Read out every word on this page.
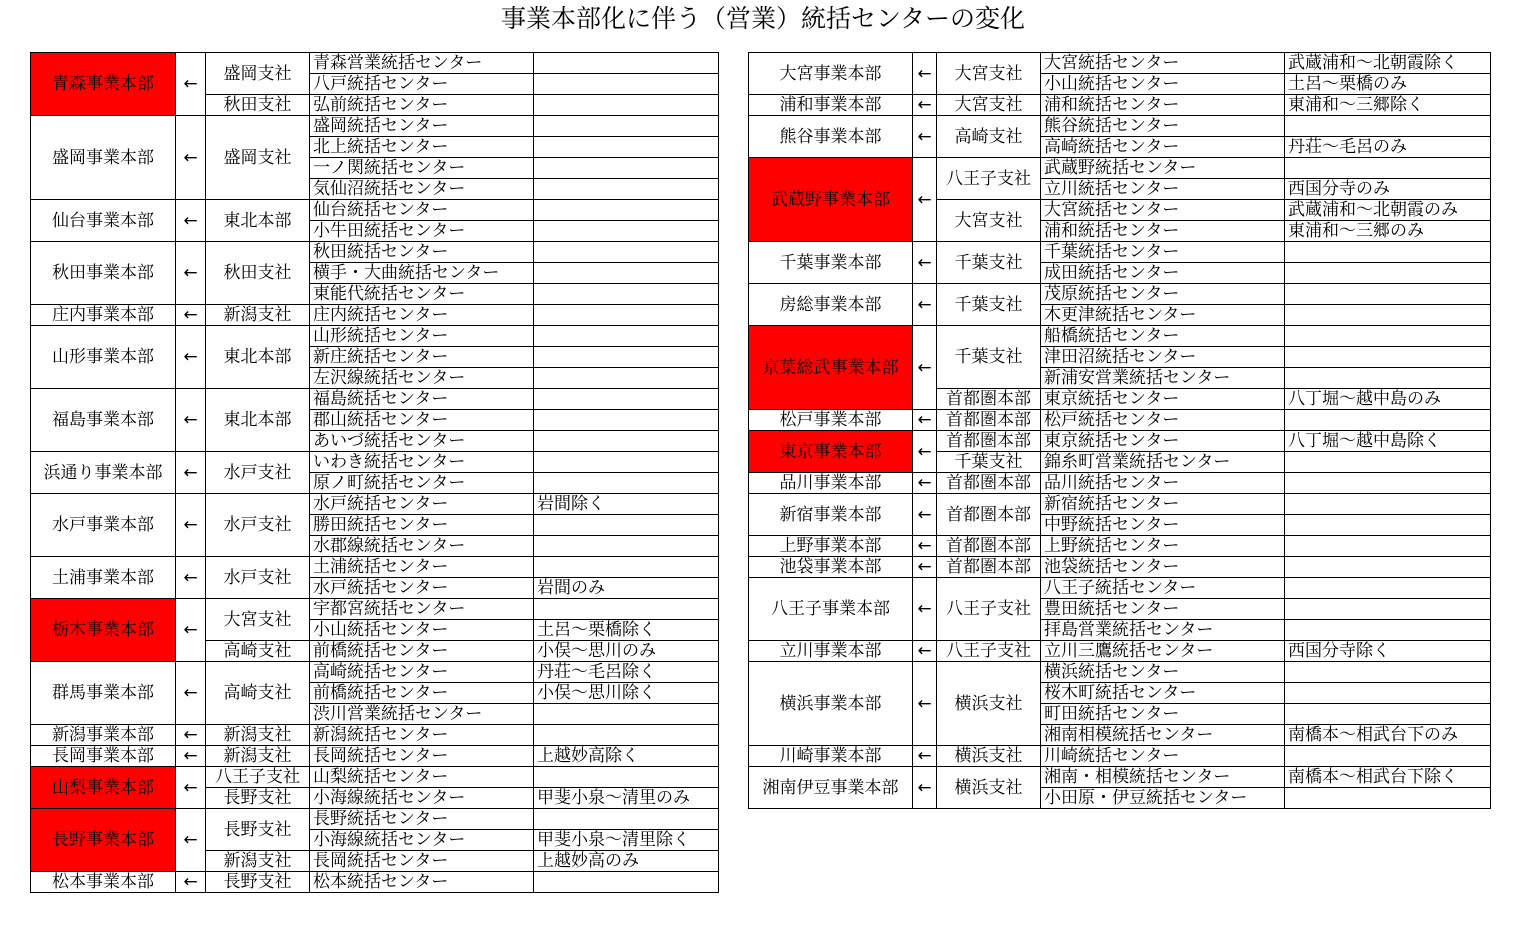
事業本部化に伴う（営業）統括センターの変化
青森事業本部	←	盛岡支社	青森営業統括センター	
			八戸統括センター	
		秋田支社	弘前統括センター	
盛岡事業本部	←	盛岡支社	盛岡統括センター	
			北上統括センター	
			一ノ関統括センター	
			気仙沼統括センター	
仙台事業本部	←	東北本部	仙台統括センター	
			小牛田統括センター	
秋田事業本部	←	秋田支社	秋田統括センター	
			横手・大曲統括センター	
			東能代統括センター	
庄内事業本部	←	新潟支社	庄内統括センター	
山形事業本部	←	東北本部	山形統括センター	
			新庄統括センター	
			左沢線統括センター	
福島事業本部	←	東北本部	福島統括センター	
			郡山統括センター	
			あいづ統括センター	
浜通り事業本部	←	水戸支社	いわき統括センター	
			原ノ町統括センター	
水戸事業本部	←	水戸支社	水戸統括センター	岩間除く
			勝田統括センター	
			水郡線統括センター	
土浦事業本部	←	水戸支社	土浦統括センター	
			水戸統括センター	岩間のみ
栃木事業本部	←	大宮支社	宇都宮統括センター	
			小山統括センター	土呂～栗橋除く
		高崎支社	前橋統括センター	小俣～思川のみ
群馬事業本部	←	高崎支社	高崎統括センター	丹荘～毛呂除く
			前橋統括センター	小俣～思川除く
			渋川営業統括センター	
新潟事業本部	←	新潟支社	新潟統括センター	
長岡事業本部	←	新潟支社	長岡統括センター	上越妙高除く
山梨事業本部	←	八王子支社	山梨統括センター	
		長野支社	小海線統括センター	甲斐小泉～清里のみ
長野事業本部	←	長野支社	長野統括センター	
			小海線統括センター	甲斐小泉～清里除く
		新潟支社	長岡統括センター	上越妙高のみ
松本事業本部	←	長野支社	松本統括センター	
大宮事業本部	←	大宮支社	大宮統括センター	武蔵浦和～北朝霞除く
			小山統括センター	土呂～栗橋のみ
浦和事業本部	←	大宮支社	浦和統括センター	東浦和～三郷除く
熊谷事業本部	←	高崎支社	熊谷統括センター	
			高崎統括センター	丹荘～毛呂のみ
武蔵野事業本部	←	八王子支社	武蔵野統括センター	
			立川統括センター	西国分寺のみ
		大宮支社	大宮統括センター	武蔵浦和～北朝霞のみ
			浦和統括センター	東浦和～三郷のみ
千葉事業本部	←	千葉支社	千葉統括センター	
			成田統括センター	
房総事業本部	←	千葉支社	茂原統括センター	
			木更津統括センター	
京葉総武事業本部	←	千葉支社	船橋統括センター	
			津田沼統括センター	
			新浦安営業統括センター	
		首都圏本部	東京統括センター	八丁堀～越中島のみ
松戸事業本部	←	首都圏本部	松戸統括センター	
東京事業本部	←	首都圏本部	東京統括センター	八丁堀～越中島除く
		千葉支社	錦糸町営業統括センター	
品川事業本部	←	首都圏本部	品川統括センター	
新宿事業本部	←	首都圏本部	新宿統括センター	
			中野統括センター	
上野事業本部	←	首都圏本部	上野統括センター	
池袋事業本部	←	首都圏本部	池袋統括センター	
八王子事業本部	←	八王子支社	八王子統括センター	
			豊田統括センター	
			拝島営業統括センター	
立川事業本部	←	八王子支社	立川三鷹統括センター	西国分寺除く
横浜事業本部	←	横浜支社	横浜統括センター	
			桜木町統括センター	
			町田統括センター	
			湘南相模統括センター	南橋本～相武台下のみ
川崎事業本部	←	横浜支社	川崎統括センター	
湘南伊豆事業本部	←	横浜支社	湘南・相模統括センター	南橋本～相武台下除く
			小田原・伊豆統括センター	
